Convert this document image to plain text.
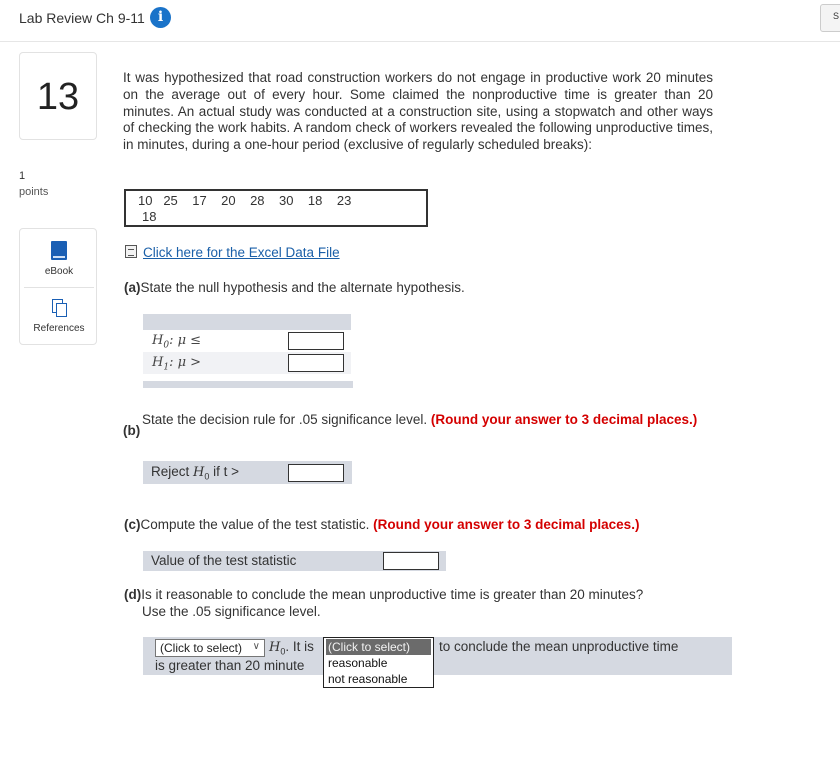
Lab Review Ch 9-11 i	S
13
1
points
eBook
References
It was hypothesized that road construction workers do not engage in productive work 20 minutes on the average out of every hour. Some claimed the nonproductive time is greater than 20 minutes. An actual study was conducted at a construction site, using a stopwatch and other ways of checking the work habits. A random check of workers revealed the following unproductive times, in minutes, during a one-hour period (exclusive of regularly scheduled breaks):
10 25 17 20 28 30 18 23
18
Click here for the Excel Data File
(a)State the null hypothesis and the alternate hypothesis.
$H_0$: μ ≤
$H_1$: μ >
(b)
State the decision rule for .05 significance level. (Round your answer to 3 decimal places.)
Reject $H_0$ if t >
(c)Compute the value of the test statistic. (Round your answer to 3 decimal places.)
Value of the test statistic
(d)Is it reasonable to conclude the mean unproductive time is greater than 20 minutes?
Use the .05 significance level.
(Click to select) ∨ $H_0$. It is	to conclude the mean unproductive time
is greater than 20 minute
(Click to select)
reasonable
not reasonable
